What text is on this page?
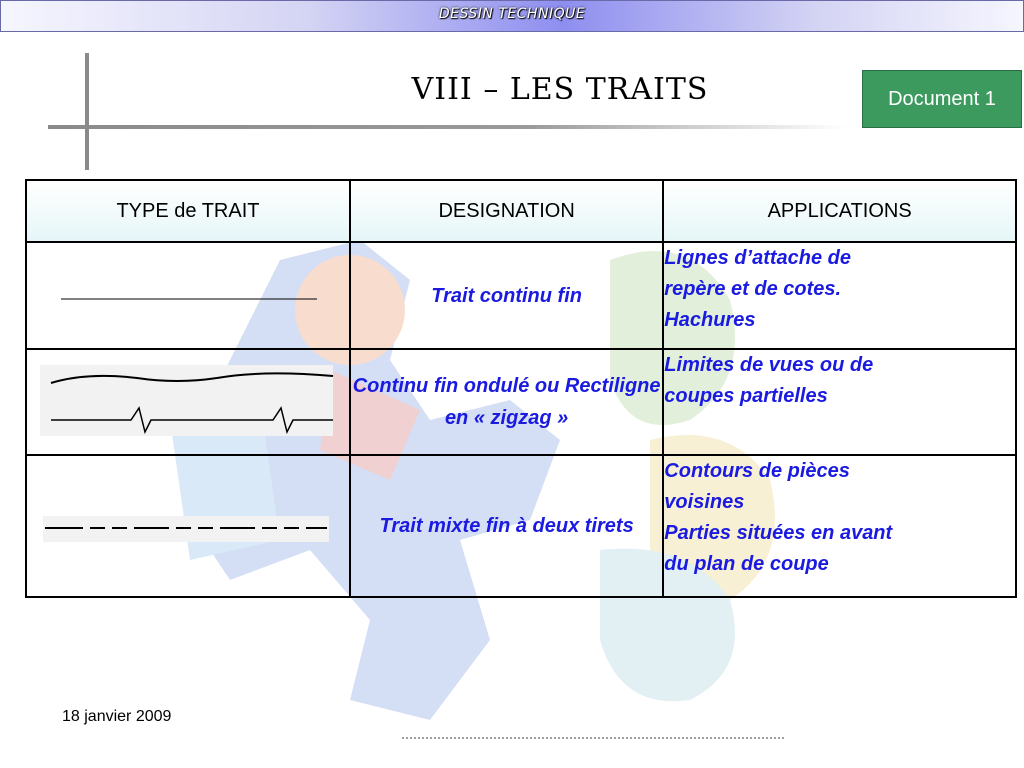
DESSIN TECHNIQUE
VIII – LES TRAITS	Document 1
TYPE de TRAIT	DESIGNATION	APPLICATIONS
	Trait continu fin	Lignes d’attache de
repère et de cotes.
Hachures

	Continu fin ondulé ou Rectiligne en « zigzag »	Limites de vues ou de
coupes partielles

	Trait mixte fin à deux tirets	Contours de pièces
voisines
Parties situées en avant
du plan de coupe
18 janvier 2009
